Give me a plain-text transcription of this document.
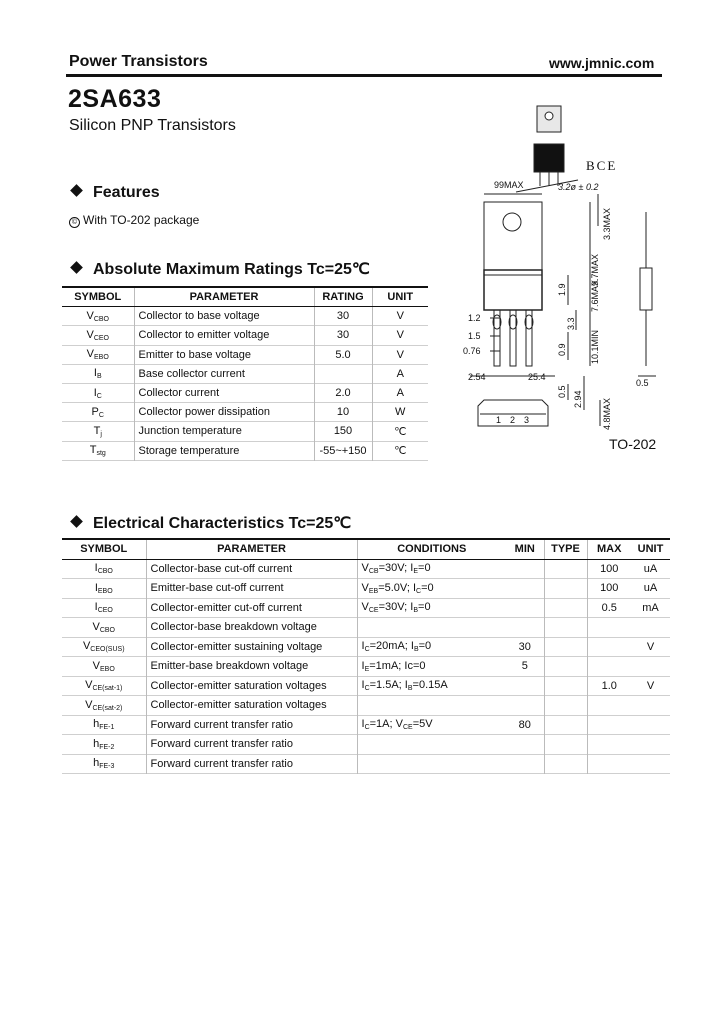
Power Transistors	www.jmnic.com
2SA633
Silicon PNP Transistors
Features
© With TO-202 package
Absolute Maximum Ratings Tc=25℃
SYMBOL	PARAMETER	RATING	UNIT
$V_{CBO}$	Collector to base voltage	30	V
$V_{CEO}$	Collector to emitter voltage	30	V
$V_{EBO}$	Emitter to base voltage	5.0	V
$I_B$	Base collector current		A
$I_C$	Collector current	2.0	A
$P_C$	Collector power dissipation	10	W
$T_j$	Junction temperature	150	℃
$T_{stg}$	Storage temperature	-55~+150	℃
Electrical Characteristics Tc=25℃
SYMBOL	PARAMETER	CONDITIONS	MIN	TYPE	MAX	UNIT
$I_{CBO}$	Collector-base cut-off current	$V_{CB}=30V$; $I_E=0$			100	uA
$I_{EBO}$	Emitter-base cut-off current	$V_{EB}=5.0V$; $I_C=0$			100	uA
$I_{CEO}$	Collector-emitter cut-off current	$V_{CE}=30V$; $I_B=0$			0.5	mA
$V_{CBO}$	Collector-base breakdown voltage					
$V_{CEO(SUS)}$	Collector-emitter sustaining voltage	$I_C=20mA$; $I_B=0$	30			V
$V_{EBO}$	Emitter-base breakdown voltage	$I_E=1mA$; Ic=0	5			
$V_{CE(sat-1)}$	Collector-emitter saturation voltages	$I_C=1.5A$; $I_B=0.15A$			1.0	V
$V_{CE(sat-2)}$	Collector-emitter saturation voltages					
$h_{FE-1}$	Forward current transfer ratio	$I_C=1A$; $V_{CE}=5V$	80			
$h_{FE-2}$	Forward current transfer ratio					
$h_{FE-3}$	Forward current transfer ratio					
BCE
TO-202
99MAX	3.2ø ± 0.2
3.3MAX
9.7MAX
7.6MAX
1.9
3.3
0.9	10.1MIN
1.2
1.5
0.76
2.54	25.4
0.5
0.5 2.94 4.8MAX
1 2 3
